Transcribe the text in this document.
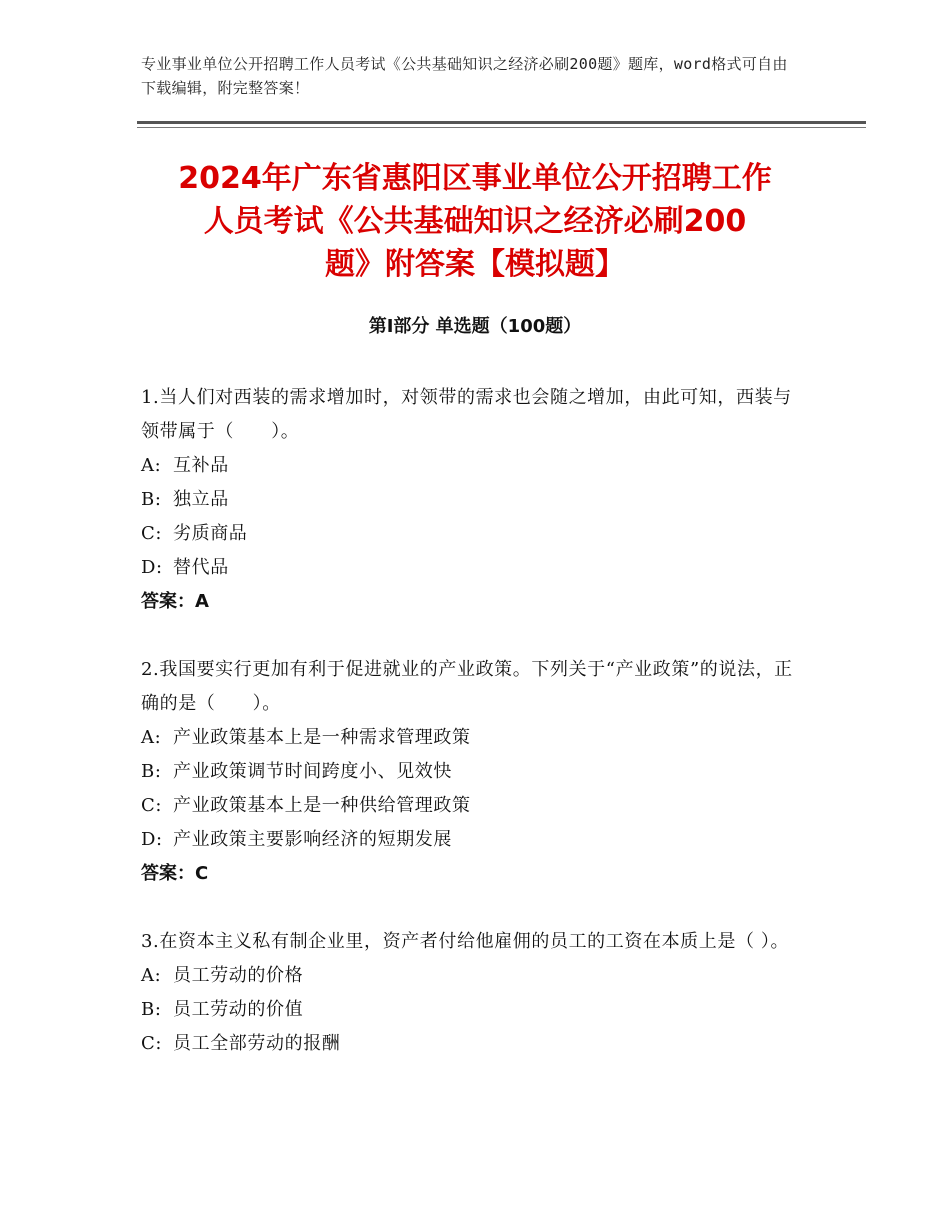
专业事业单位公开招聘工作人员考试《公共基础知识之经济必刷200题》题库，word格式可自由下载编辑，附完整答案！
2024年广东省惠阳区事业单位公开招聘工作
人员考试《公共基础知识之经济必刷200
题》附答案【模拟题】
第Ⅰ部分 单选题（100题）
1.当人们对西装的需求增加时，对领带的需求也会随之增加，由此可知，西装与领带属于（　　）。
A: 互补品
B: 独立品
C: 劣质商品
D: 替代品
答案：A
2.我国要实行更加有利于促进就业的产业政策。下列关于“产业政策”的说法，正确的是（　　）。
A: 产业政策基本上是一种需求管理政策
B: 产业政策调节时间跨度小、见效快
C: 产业政策基本上是一种供给管理政策
D: 产业政策主要影响经济的短期发展
答案：C
3.在资本主义私有制企业里，资产者付给他雇佣的员工的工资在本质上是（ ）。
A: 员工劳动的价格
B: 员工劳动的价值
C: 员工全部劳动的报酬
